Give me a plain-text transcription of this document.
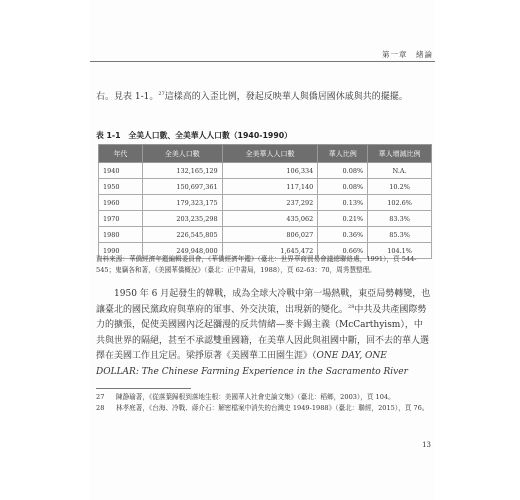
第一章　 緒論
右。見表 1-1。$^{27}$這樣高的入歪比例，發起反映華人與僑居國休戚與共的擺擺。
表 1-1　全美人口數、全美華人人口數（1940-1990）
年代	全美人口數	全美華人人口數	華人比例	華人增減比例
1940	132,165,129	106,334	0.08%	N.A.
1950	150,697,361	117,140	0.08%	10.2%
1960	179,323,175	237,292	0.13%	102.6%
1970	203,235,298	435,062	0.21%	83.3%
1980	226,545,805	806,027	0.36%	85.3%
1990	249,948,000	1,645,472	0.66%	104.1%
資料來源：華僑經濟年鑑編輯委員會，《華僑經濟年鑑》（臺北：世界華商貿易會議總聯絡處，1991），頁 544-545；鬼竊各和著，《美國華僑概況》（臺北：正中書局，1988），頁 62-63：70，周秀慧整理。
　　1950 年 6 月起發生的韓戰，成為全球大冷戰中第一場熱戰，東亞局勢轉變，也讓臺北的國民黨政府與華府的軍事、外交決策，出現新的變化。$^{28}$中共及共產國際勢力的擴張，促使美國國內泛起瀰漫的反共情緒—麥卡錫主義（McCarthyism），中共與世界的隔絕，甚至不承認雙重國籍，在美華人因此與祖國中斷，回不去的華人選擇在美國工作且定居。梁掙原著《美國華工田園生涯》（ONE DAY, ONE DOLLAR: The Chinese Farming Experience in the Sacramento River
27	陳静瑜著，《從落葉歸根到落地生根：美國華人社會史論文集》（臺北：稻鄉，2003），頁 104。
28	林孝庭著，《台海、冷戰、蔣介石：解密檔案中消失的台灣史 1949-1988》（臺北：聯經，2015），頁 76。
13
